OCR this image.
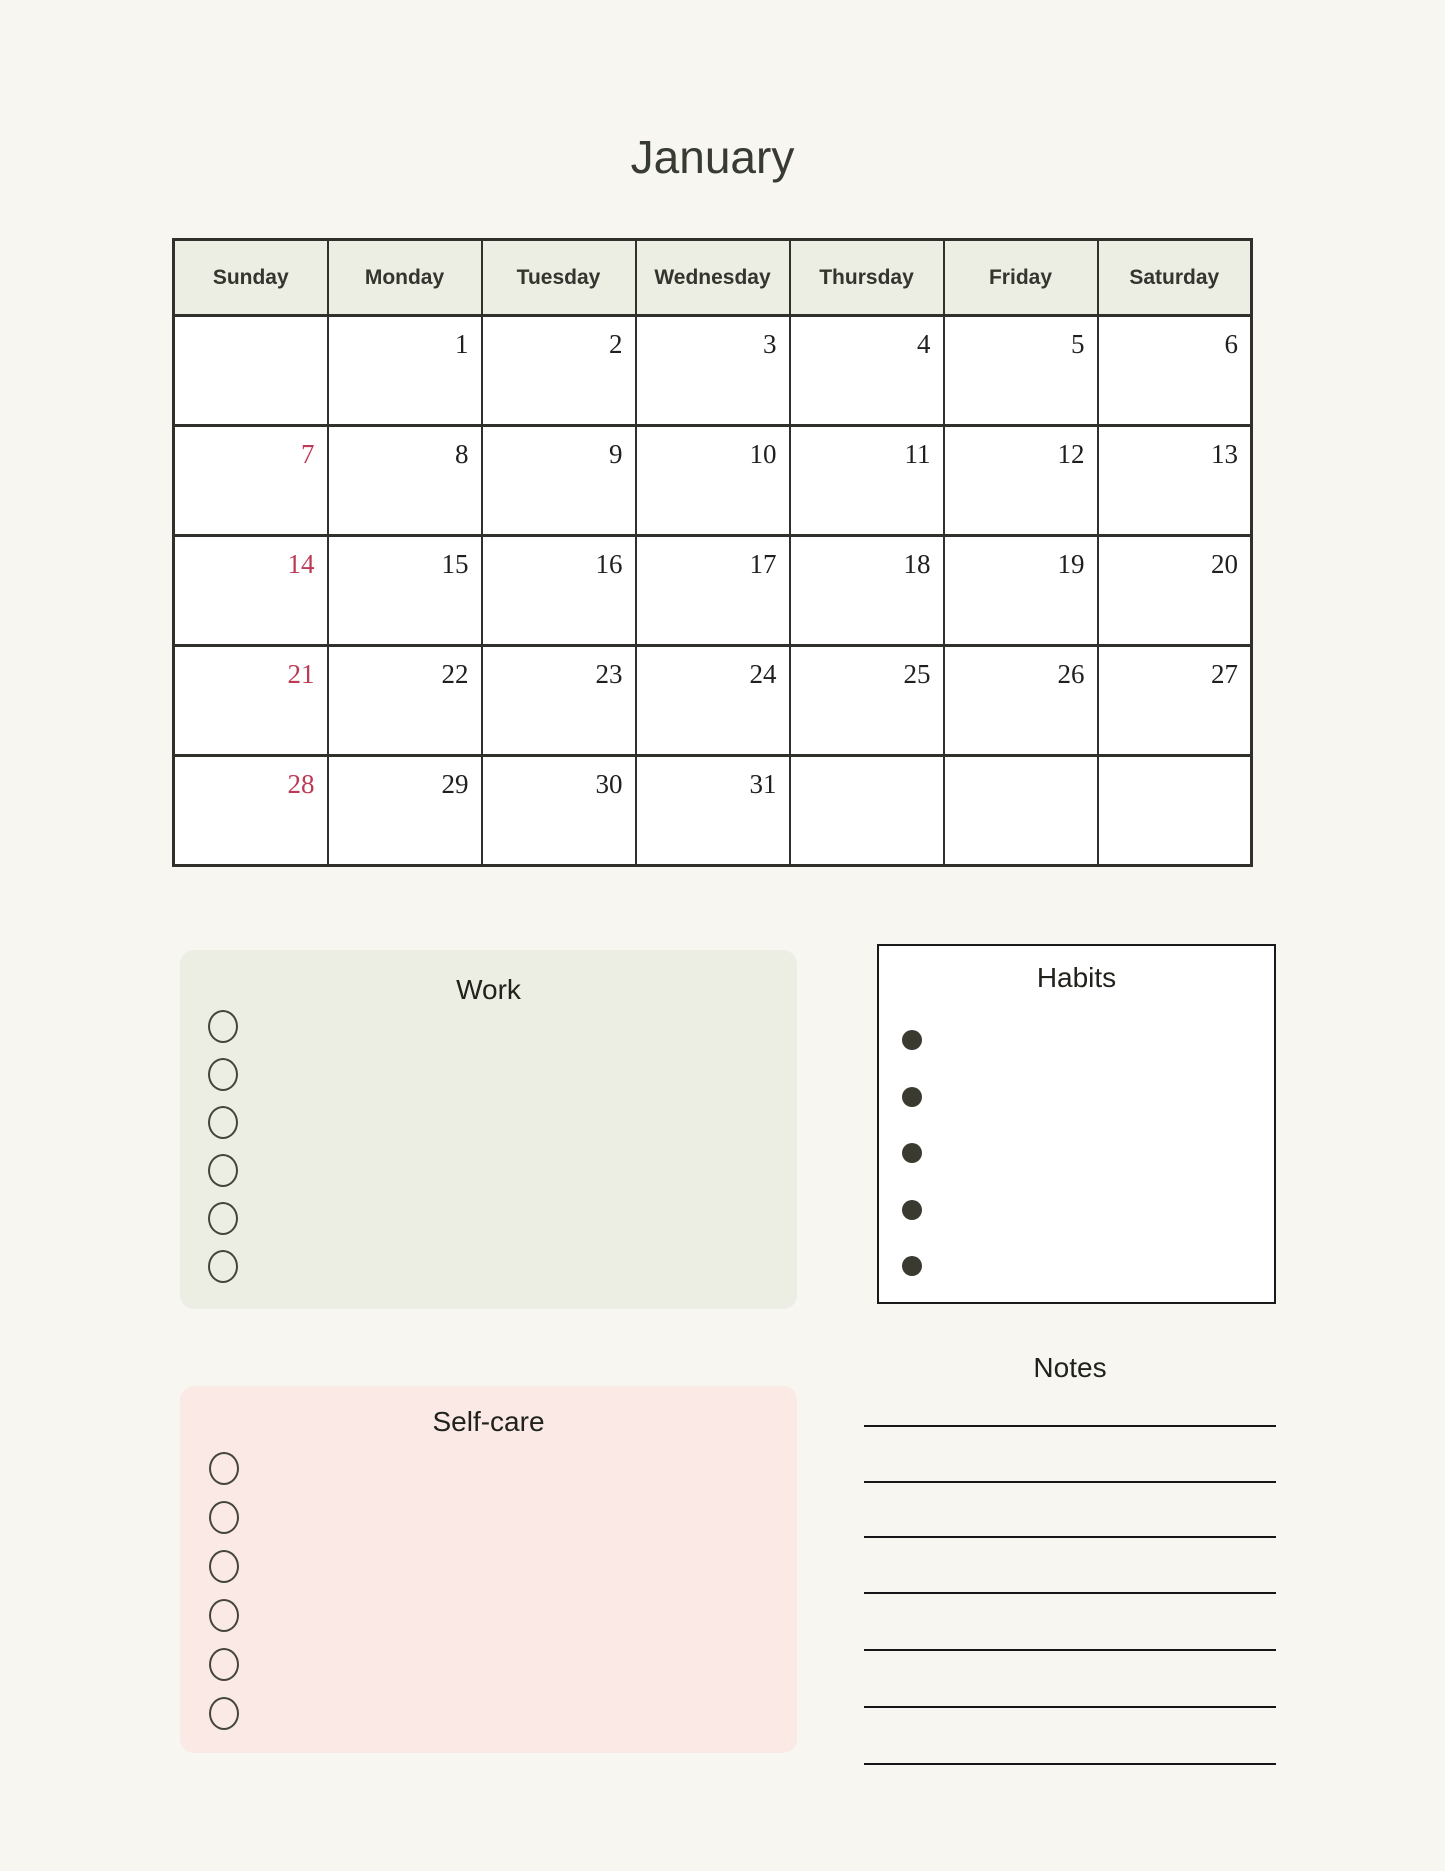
January
Sunday	Monday	Tuesday	Wednesday	Thursday	Friday	Saturday
	1	2	3	4	5	6
7	8	9	10	11	12	13
14	15	16	17	18	19	20
21	22	23	24	25	26	27
28	29	30	31			
Work	Habits
Self-care
Notes
